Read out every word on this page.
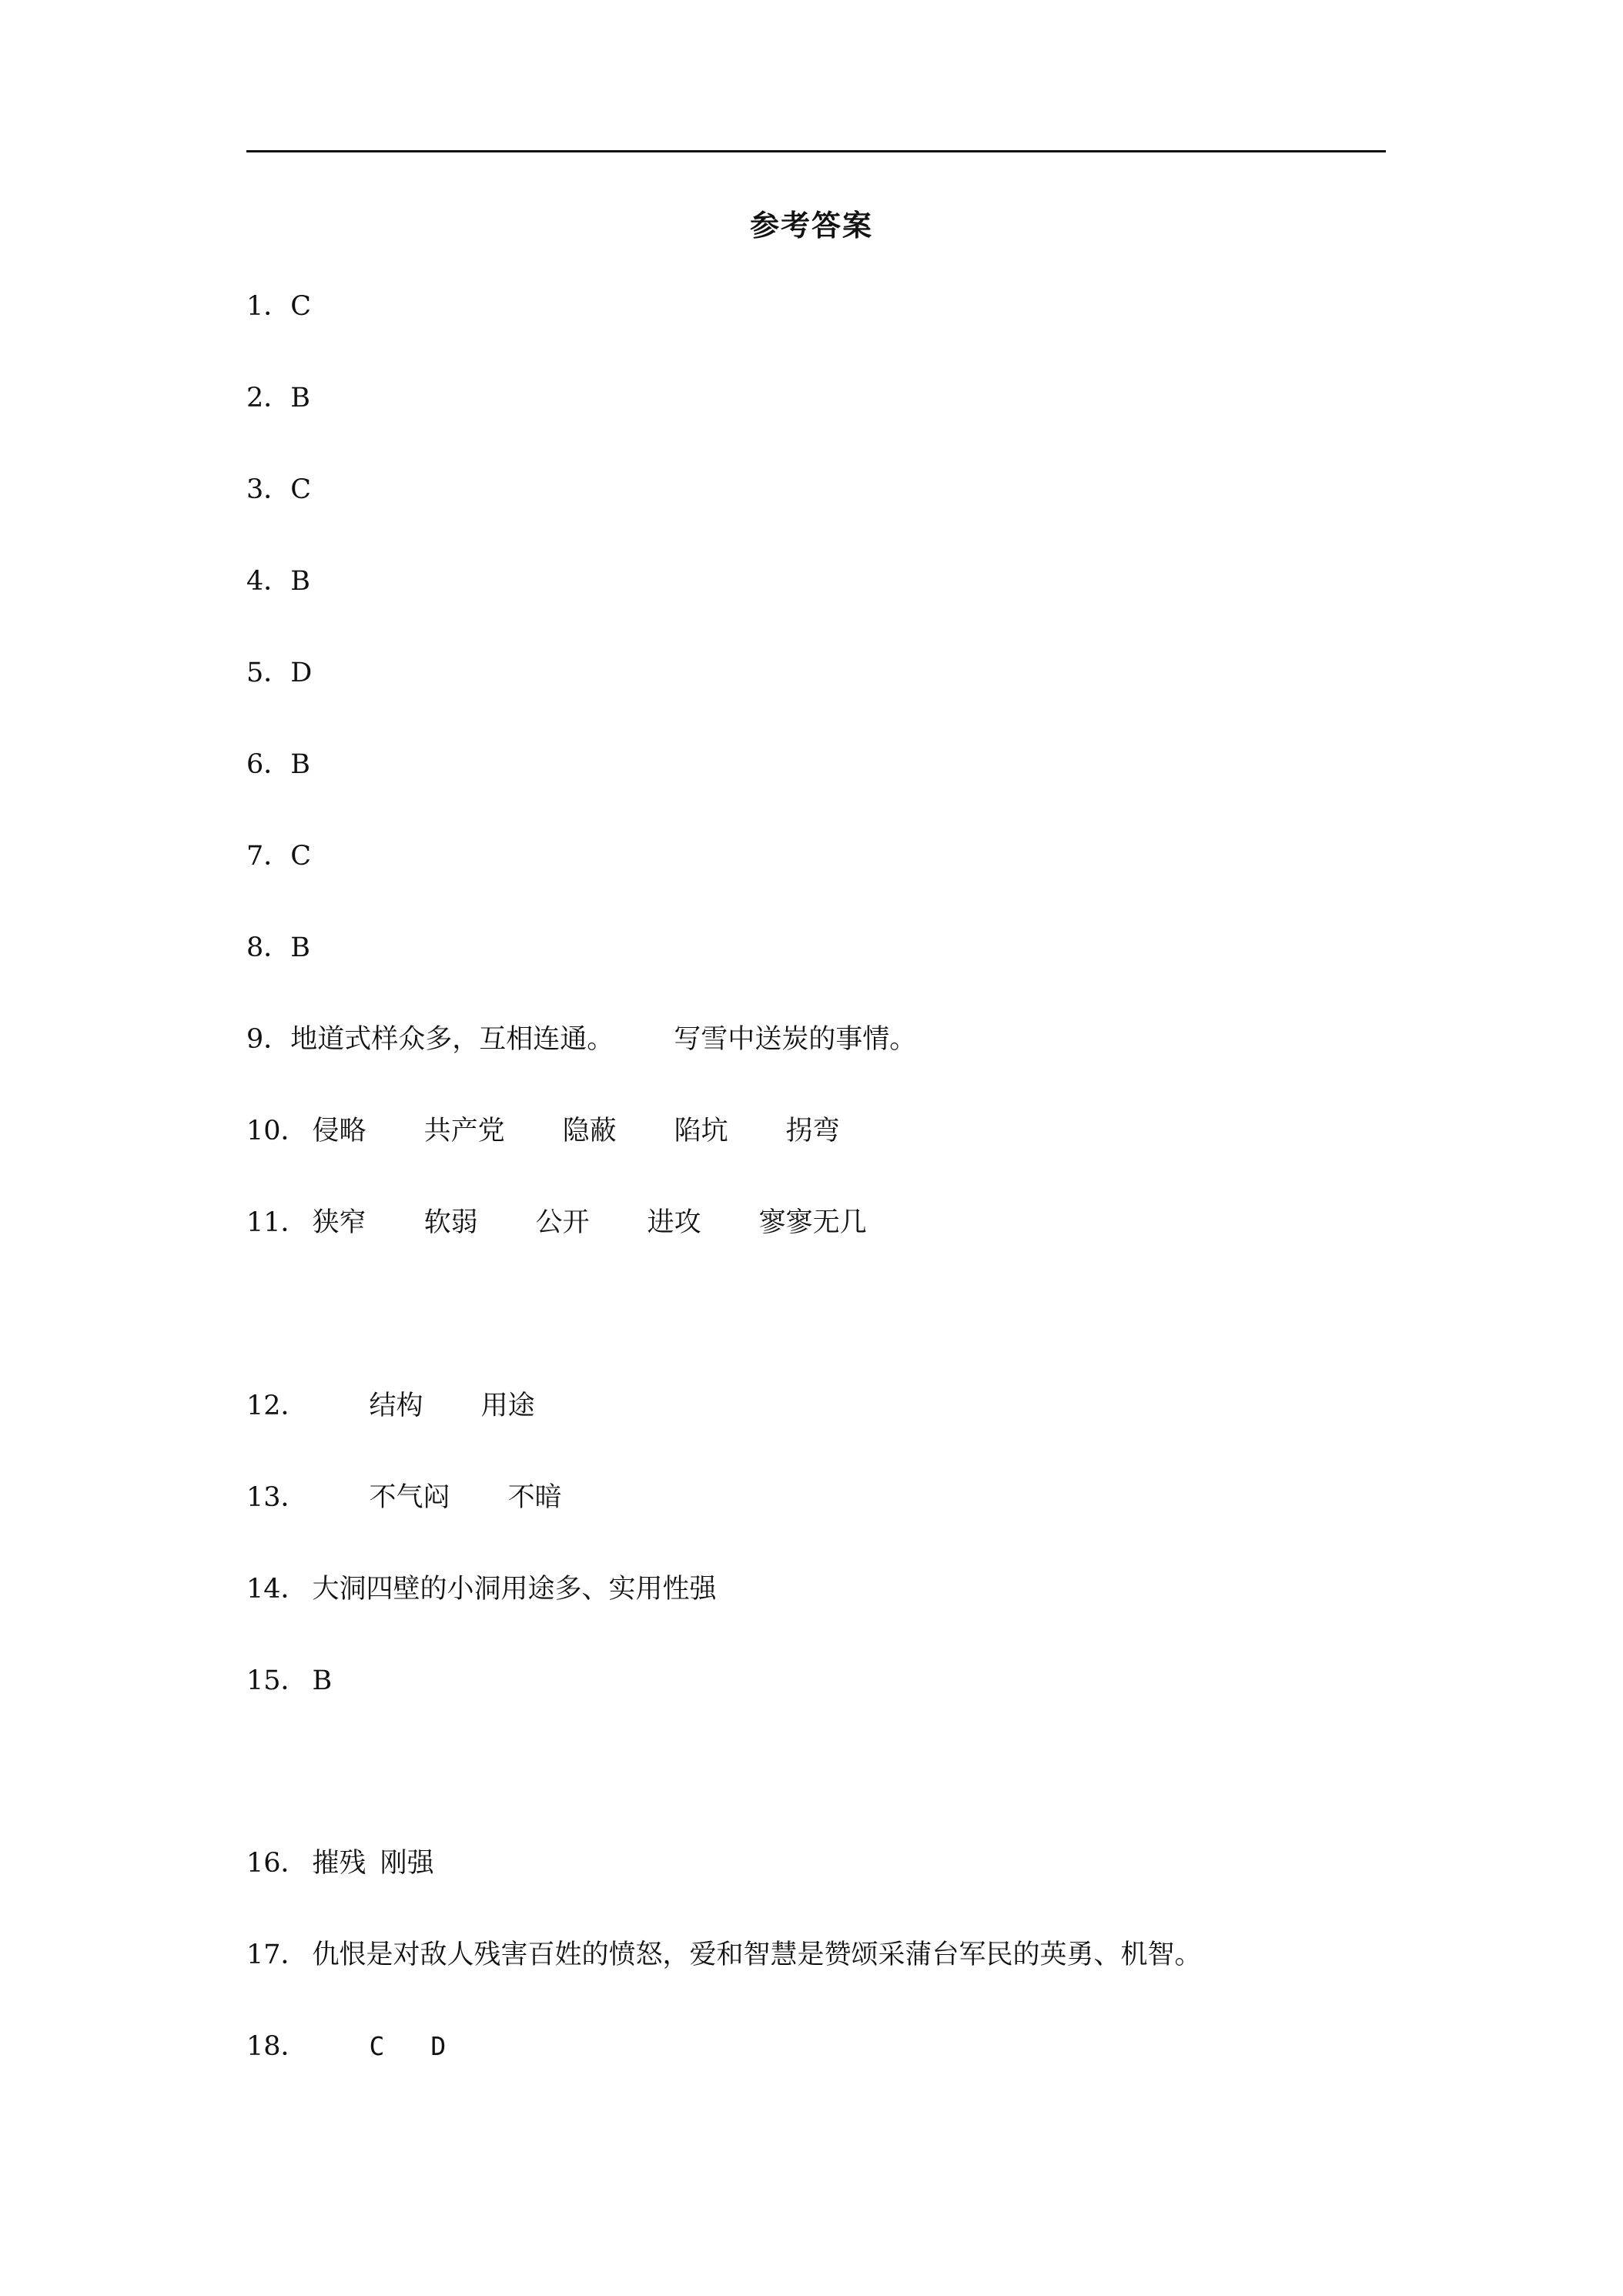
参考答案
1． C
2． B
3． C
4． B
5． D
6． B
7． C
8． B
9． 地道式样众多，互相连通。 写雪中送炭的事情。
10． 侵略 共产党 隐蔽 陷坑 拐弯
11． 狭窄 软弱 公开 进攻 寥寥无几
12． 结构 用途
13． 不气闷 不暗
14． 大洞四壁的小洞用途多、实用性强
15． B
16． 摧残 刚强
17． 仇恨是对敌人残害百姓的愤怒，爱和智慧是赞颂采蒲台军民的英勇、机智。
18． C D
